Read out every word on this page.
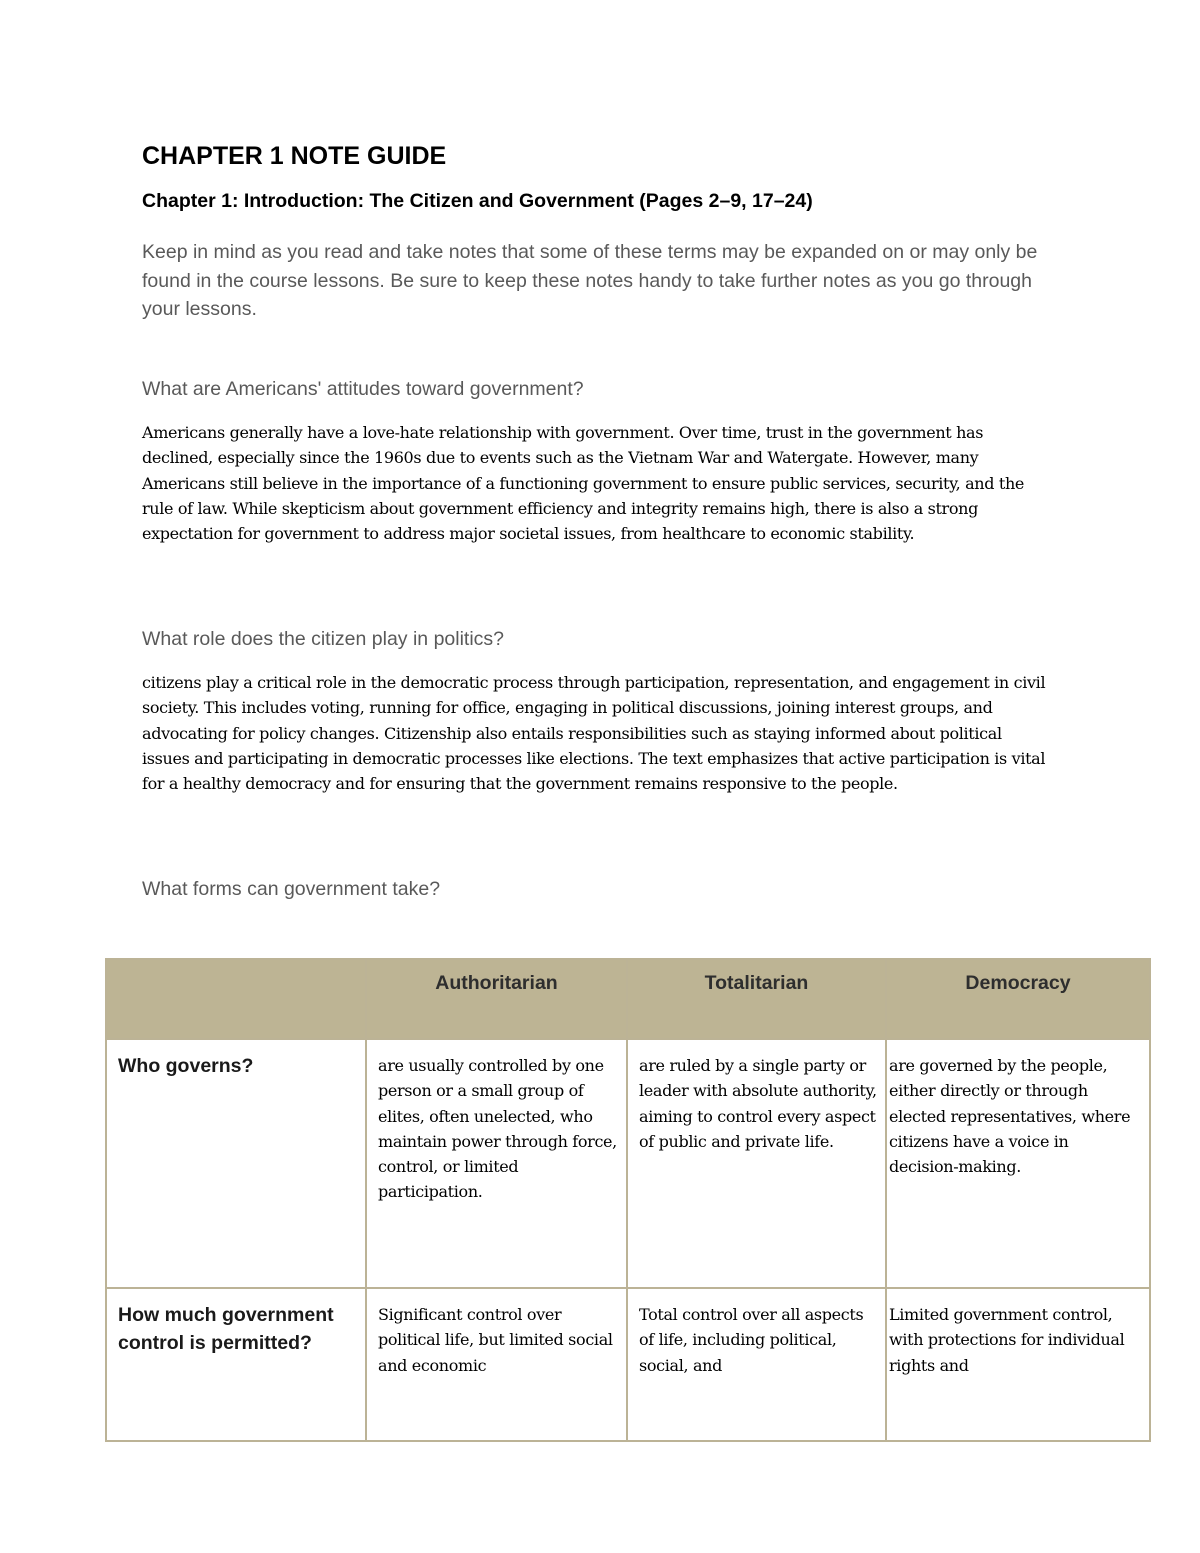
CHAPTER 1 NOTE GUIDE
Chapter 1: Introduction: The Citizen and Government (Pages 2–9, 17–24)

Keep in mind as you read and take notes that some of these terms may be expanded on or may only be found in the course lessons. Be sure to keep these notes handy to take further notes as you go through your lessons.

What are Americans' attitudes toward government?

Americans generally have a love-hate relationship with government. Over time, trust in the government has declined, especially since the 1960s due to events such as the Vietnam War and Watergate. However, many Americans still believe in the importance of a functioning government to ensure public services, security, and the rule of law. While skepticism about government efficiency and integrity remains high, there is also a strong expectation for government to address major societal issues, from healthcare to economic stability.

What role does the citizen play in politics?

citizens play a critical role in the democratic process through participation, representation, and engagement in civil society. This includes voting, running for office, engaging in political discussions, joining interest groups, and advocating for policy changes. Citizenship also entails responsibilities such as staying informed about political issues and participating in democratic processes like elections. The text emphasizes that active participation is vital for a healthy democracy and for ensuring that the government remains responsive to the people.

What forms can government take?

	Authoritarian	Totalitarian	Democracy
Who governs?	are usually controlled by one person or a small group of elites, often unelected, who maintain power through force, control, or limited participation.	are ruled by a single party or leader with absolute authority, aiming to control every aspect of public and private life.	are governed by the people, either directly or through elected representatives, where citizens have a voice in decision-making.
How much government control is permitted?	Significant control over political life, but limited social and economic	Total control over all aspects of life, including political, social, and	Limited government control, with protections for individual rights and
